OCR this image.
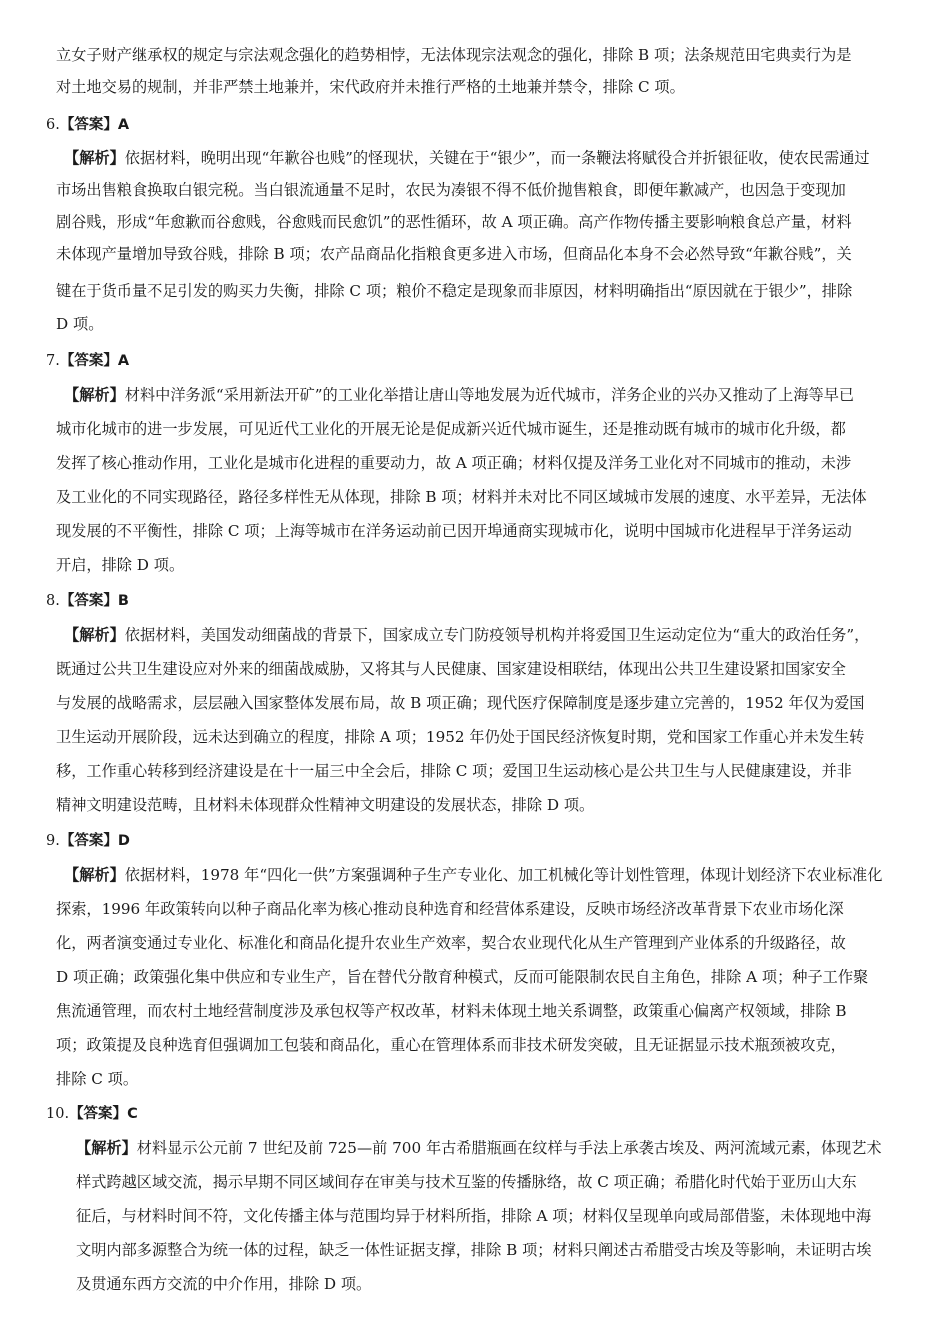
立女子财产继承权的规定与宗法观念强化的趋势相悖，无法体现宗法观念的强化，排除 B 项；法条规范田宅典卖行为是
对土地交易的规制，并非严禁土地兼并，宋代政府并未推行严格的土地兼并禁令，排除 C 项。
6.【答案】A
【解析】依据材料，晚明出现“年歉谷也贱”的怪现状，关键在于“银少”，而一条鞭法将赋役合并折银征收，使农民需通过
市场出售粮食换取白银完税。当白银流通量不足时，农民为凑银不得不低价抛售粮食，即便年歉减产，也因急于变现加
剧谷贱，形成“年愈歉而谷愈贱，谷愈贱而民愈饥”的恶性循环，故 A 项正确。高产作物传播主要影响粮食总产量，材料
未体现产量增加导致谷贱，排除 B 项；农产品商品化指粮食更多进入市场，但商品化本身不会必然导致“年歉谷贱”，关
键在于货币量不足引发的购买力失衡，排除 C 项；粮价不稳定是现象而非原因，材料明确指出“原因就在于银少”，排除
D 项。
7.【答案】A
【解析】材料中洋务派“采用新法开矿”的工业化举措让唐山等地发展为近代城市，洋务企业的兴办又推动了上海等早已
城市化城市的进一步发展，可见近代工业化的开展无论是促成新兴近代城市诞生，还是推动既有城市的城市化升级，都
发挥了核心推动作用，工业化是城市化进程的重要动力，故 A 项正确；材料仅提及洋务工业化对不同城市的推动，未涉
及工业化的不同实现路径，路径多样性无从体现，排除 B 项；材料并未对比不同区域城市发展的速度、水平差异，无法体
现发展的不平衡性，排除 C 项；上海等城市在洋务运动前已因开埠通商实现城市化，说明中国城市化进程早于洋务运动
开启，排除 D 项。
8.【答案】B
【解析】依据材料，美国发动细菌战的背景下，国家成立专门防疫领导机构并将爱国卫生运动定位为“重大的政治任务”，
既通过公共卫生建设应对外来的细菌战威胁，又将其与人民健康、国家建设相联结，体现出公共卫生建设紧扣国家安全
与发展的战略需求，层层融入国家整体发展布局，故 B 项正确；现代医疗保障制度是逐步建立完善的，1952 年仅为爱国
卫生运动开展阶段，远未达到确立的程度，排除 A 项；1952 年仍处于国民经济恢复时期，党和国家工作重心并未发生转
移，工作重心转移到经济建设是在十一届三中全会后，排除 C 项；爱国卫生运动核心是公共卫生与人民健康建设，并非
精神文明建设范畴，且材料未体现群众性精神文明建设的发展状态，排除 D 项。
9.【答案】D
【解析】依据材料，1978 年“四化一供”方案强调种子生产专业化、加工机械化等计划性管理，体现计划经济下农业标准化
探索，1996 年政策转向以种子商品化率为核心推动良种选育和经营体系建设，反映市场经济改革背景下农业市场化深
化，两者演变通过专业化、标准化和商品化提升农业生产效率，契合农业现代化从生产管理到产业体系的升级路径，故
D 项正确；政策强化集中供应和专业生产，旨在替代分散育种模式，反而可能限制农民自主角色，排除 A 项；种子工作聚
焦流通管理，而农村土地经营制度涉及承包权等产权改革，材料未体现土地关系调整，政策重心偏离产权领域，排除 B
项；政策提及良种选育但强调加工包装和商品化，重心在管理体系而非技术研发突破，且无证据显示技术瓶颈被攻克，
排除 C 项。
10.【答案】C
【解析】材料显示公元前 7 世纪及前 725—前 700 年古希腊瓶画在纹样与手法上承袭古埃及、两河流域元素，体现艺术
样式跨越区域交流，揭示早期不同区域间存在审美与技术互鉴的传播脉络，故 C 项正确；希腊化时代始于亚历山大东
征后，与材料时间不符，文化传播主体与范围均异于材料所指，排除 A 项；材料仅呈现单向或局部借鉴，未体现地中海
文明内部多源整合为统一体的过程，缺乏一体性证据支撑，排除 B 项；材料只阐述古希腊受古埃及等影响，未证明古埃
及贯通东西方交流的中介作用，排除 D 项。
